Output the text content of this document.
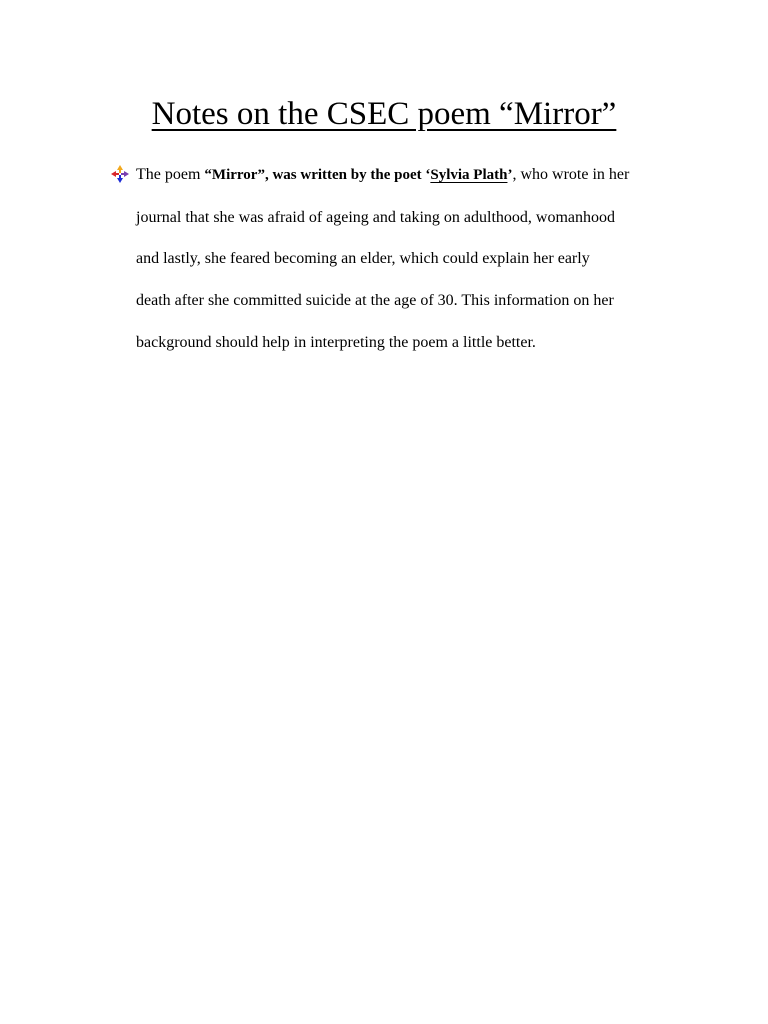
Notes on the CSEC poem “Mirror”

The poem “Mirror”, was written by the poet ‘Sylvia Plath’, who wrote in her
journal that she was afraid of ageing and taking on adulthood, womanhood
and lastly, she feared becoming an elder, which could explain her early
death after she committed suicide at the age of 30. This information on her
background should help in interpreting the poem a little better.
